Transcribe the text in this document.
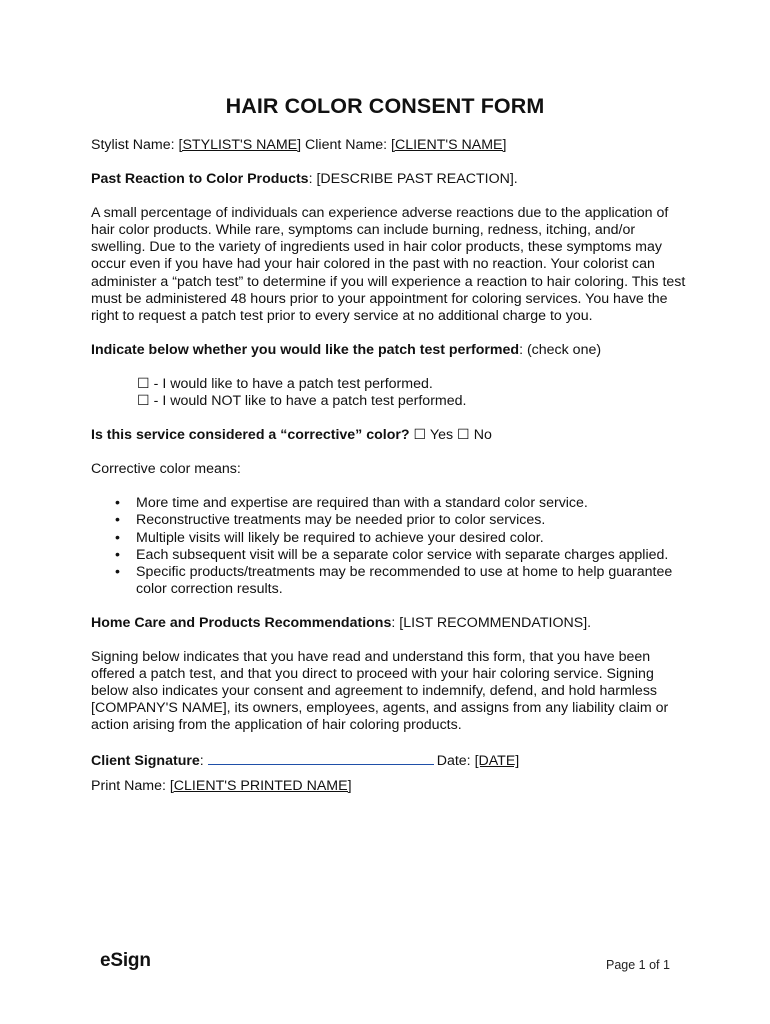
HAIR COLOR CONSENT FORM

Stylist Name: [STYLIST'S NAME] Client Name: [CLIENT'S NAME]

Past Reaction to Color Products: [DESCRIBE PAST REACTION].

A small percentage of individuals can experience adverse reactions due to the application of hair color products. While rare, symptoms can include burning, redness, itching, and/or swelling. Due to the variety of ingredients used in hair color products, these symptoms may occur even if you have had your hair colored in the past with no reaction. Your colorist can administer a “patch test” to determine if you will experience a reaction to hair coloring. This test must be administered 48 hours prior to your appointment for coloring services. You have the right to request a patch test prior to every service at no additional charge to you.

Indicate below whether you would like the patch test performed: (check one)

☐ - I would like to have a patch test performed.
☐ - I would NOT like to have a patch test performed.

Is this service considered a “corrective” color? ☐ Yes ☐ No

Corrective color means:

• More time and expertise are required than with a standard color service.
• Reconstructive treatments may be needed prior to color services.
• Multiple visits will likely be required to achieve your desired color.
• Each subsequent visit will be a separate color service with separate charges applied.
• Specific products/treatments may be recommended to use at home to help guarantee color correction results.

Home Care and Products Recommendations: [LIST RECOMMENDATIONS].

Signing below indicates that you have read and understand this form, that you have been offered a patch test, and that you direct to proceed with your hair coloring service. Signing below also indicates your consent and agreement to indemnify, defend, and hold harmless [COMPANY'S NAME], its owners, employees, agents, and assigns from any liability claim or action arising from the application of hair coloring products.

Client Signature:	Date: [DATE]

Print Name: [CLIENT'S PRINTED NAME]

eSign	Page 1 of 1
